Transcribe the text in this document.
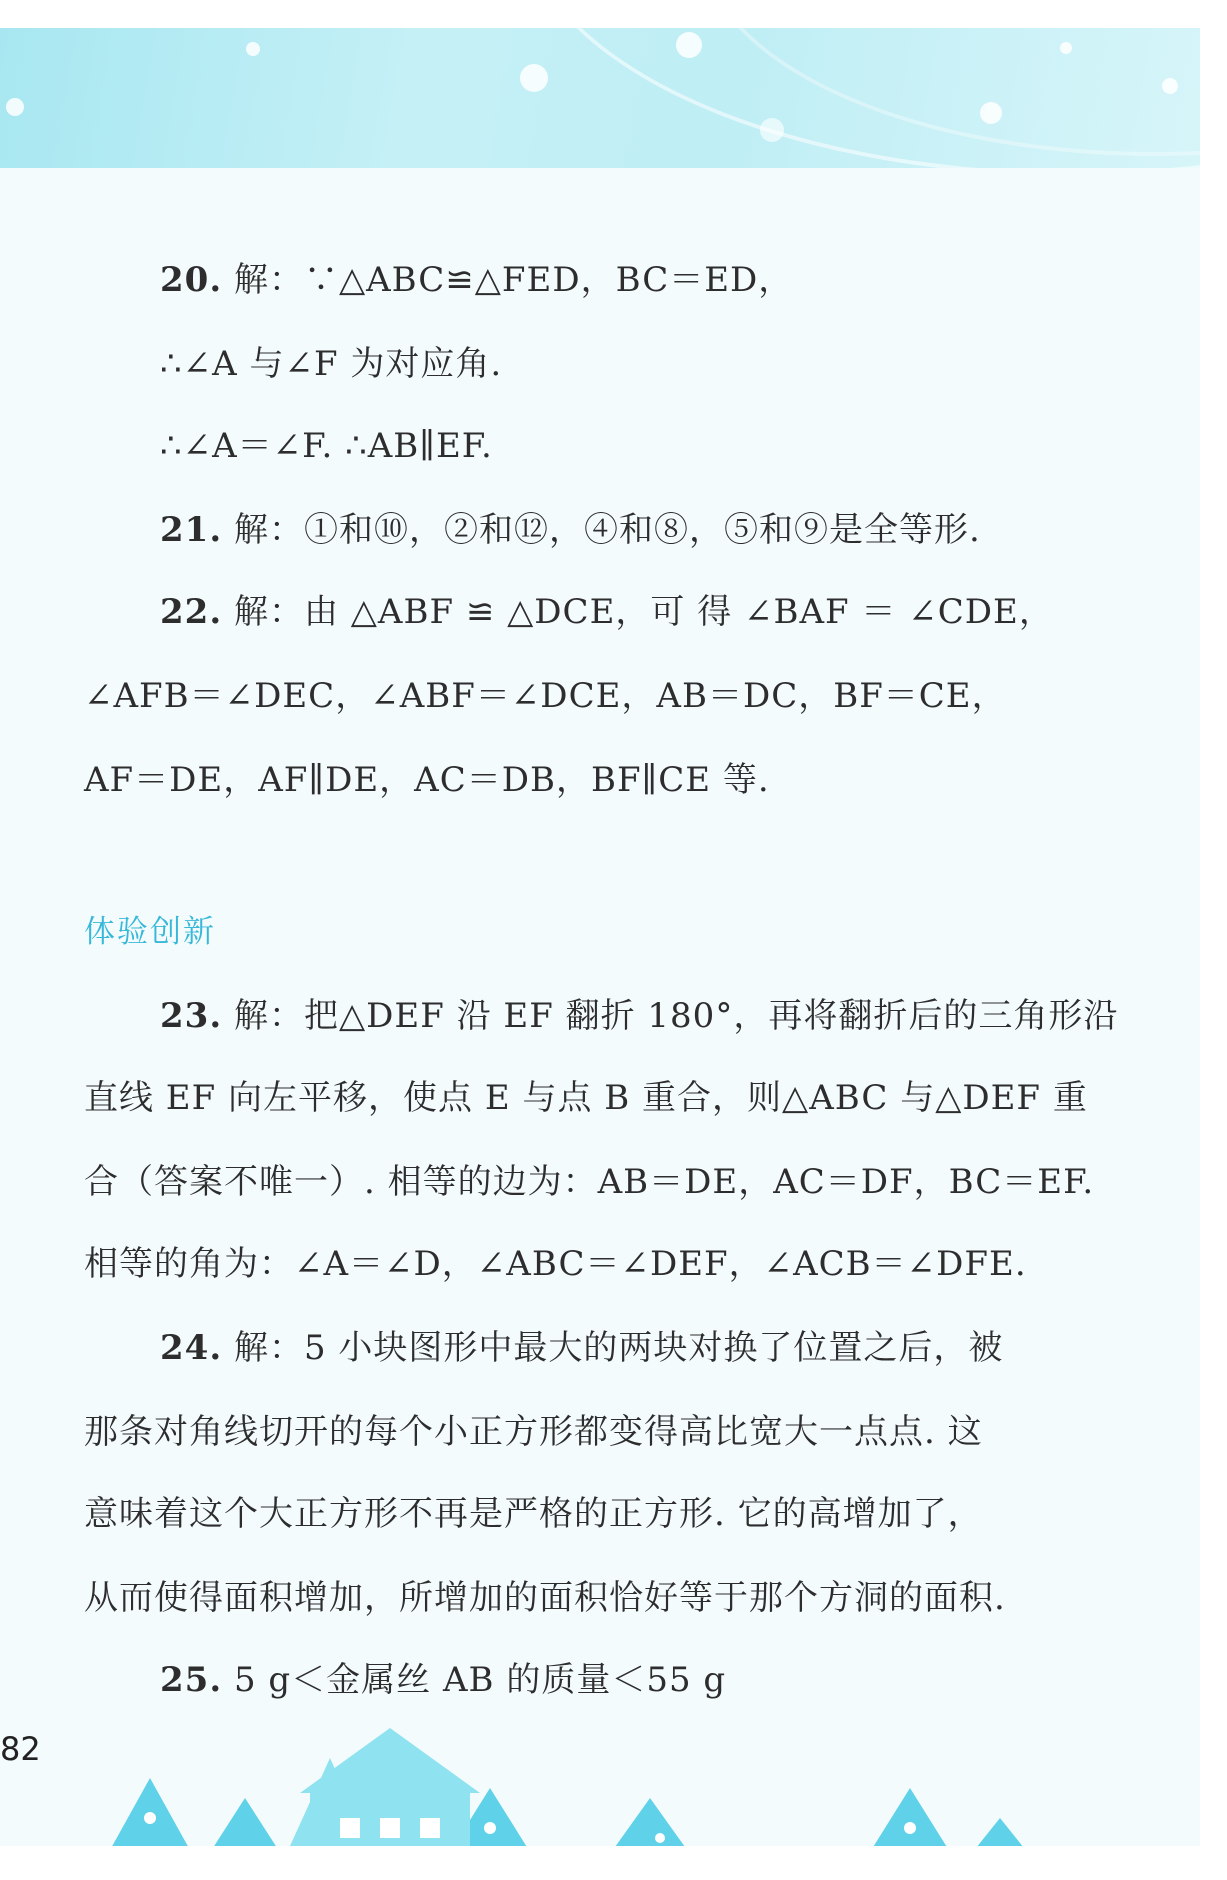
20. 解：∵△ABC≌△FED，BC＝ED，
∴∠A 与∠F 为对应角.
∴∠A＝∠F. ∴AB∥EF.
21. 解：①和⑩，②和⑫，④和⑧，⑤和⑨是全等形.
22. 解：由 △ABF ≌ △DCE，可 得 ∠BAF ＝ ∠CDE，
∠AFB＝∠DEC，∠ABF＝∠DCE，AB＝DC，BF＝CE，
AF＝DE，AF∥DE，AC＝DB，BF∥CE 等.
体验创新
23. 解：把△DEF 沿 EF 翻折 180°，再将翻折后的三角形沿
直线 EF 向左平移，使点 E 与点 B 重合，则△ABC 与△DEF 重
合（答案不唯一）. 相等的边为：AB＝DE，AC＝DF，BC＝EF.
相等的角为：∠A＝∠D，∠ABC＝∠DEF，∠ACB＝∠DFE.
24. 解：5 小块图形中最大的两块对换了位置之后，被
那条对角线切开的每个小正方形都变得高比宽大一点点. 这
意味着这个大正方形不再是严格的正方形. 它的高增加了，
从而使得面积增加，所增加的面积恰好等于那个方洞的面积.
25. 5 g＜金属丝 AB 的质量＜55 g
82
